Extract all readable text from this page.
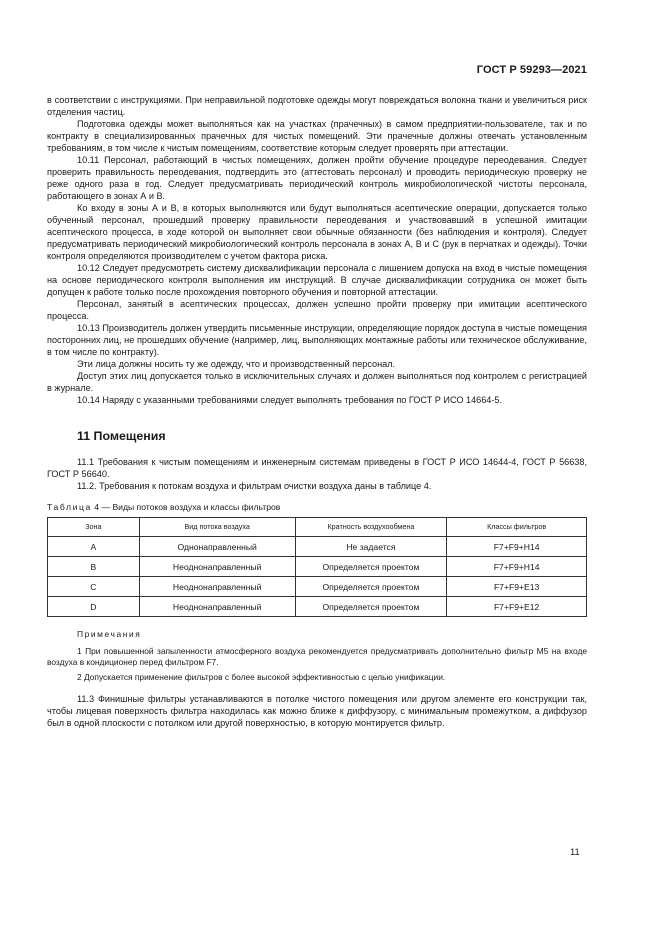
ГОСТ Р 59293—2021

в соответствии с инструкциями. При неправильной подготовке одежды могут повреждаться волокна ткани и увеличиться риск отделения частиц.

Подготовка одежды может выполняться как на участках (прачечных) в самом предприятии-пользователе, так и по контракту в специализированных прачечных для чистых помещений. Эти прачечные должны отвечать установленным требованиям, в том числе к чистым помещениям, соответствие которым следует проверять при аттестации.

10.11 Персонал, работающий в чистых помещениях, должен пройти обучение процедуре переодевания. Следует проверить правильность переодевания, подтвердить это (аттестовать персонал) и проводить периодическую проверку не реже одного раза в год. Следует предусматривать периодический контроль микробиологической чистоты персонала, работающего в зонах А и В.

Ко входу в зоны А и В, в которых выполняются или будут выполняться асептические операции, допускается только обученный персонал, прошедший проверку правильности переодевания и участвовавший в успешной имитации асептического процесса, в ходе которой он выполняет свои обычные обязанности (без наблюдения и контроля). Следует предусматривать периодический микробиологический контроль персонала в зонах А, В и С (рук в перчатках и одежды). Точки контроля определяются производителем с учетом фактора риска.

10.12 Следует предусмотреть систему дисквалификации персонала с лишением допуска на вход в чистые помещения на основе периодического контроля выполнения им инструкций. В случае дисквалификации сотрудника он может быть допущен к работе только после прохождения повторного обучения и повторной аттестации.

Персонал, занятый в асептических процессах, должен успешно пройти проверку при имитации асептического процесса.

10.13 Производитель должен утвердить письменные инструкции, определяющие порядок доступа в чистые помещения посторонних лиц, не прошедших обучение (например, лиц, выполняющих монтажные работы или техническое обслуживание, в том числе по контракту).

Эти лица должны носить ту же одежду, что и производственный персонал.

Доступ этих лиц допускается только в исключительных случаях и должен выполняться под контролем с регистрацией в журнале.

10.14 Наряду с указанными требованиями следует выполнять требования по ГОСТ Р ИСО 14664-5.

11 Помещения

11.1 Требования к чистым помещениям и инженерным системам приведены в ГОСТ Р ИСО 14644-4, ГОСТ Р 56638, ГОСТ Р 56640.

11.2. Требования к потокам воздуха и фильтрам очистки воздуха даны в таблице 4.

Таблица 4 — Виды потоков воздуха и классы фильтров
Зона	Вид потока воздуха	Кратность воздухообмена	Классы фильтров
A	Однонаправленный	Не задается	F7+F9+H14
B	Неоднонаправленный	Определяется проектом	F7+F9+H14
C	Неоднонаправленный	Определяется проектом	F7+F9+E13
D	Неоднонаправленный	Определяется проектом	F7+F9+E12

Примечания

1 При повышенной запыленности атмосферного воздуха рекомендуется предусматривать дополнительно фильтр М5 на входе воздуха в кондиционер перед фильтром F7.

2 Допускается применение фильтров с более высокой эффективностью с целью унификации.

11.3 Финишные фильтры устанавливаются в потолке чистого помещения или другом элементе его конструкции так, чтобы лицевая поверхность фильтра находилась как можно ближе к диффузору, с минимальным промежутком, а диффузор был в одной плоскости с потолком или другой поверхностью, в которую монтируется фильтр.

11
